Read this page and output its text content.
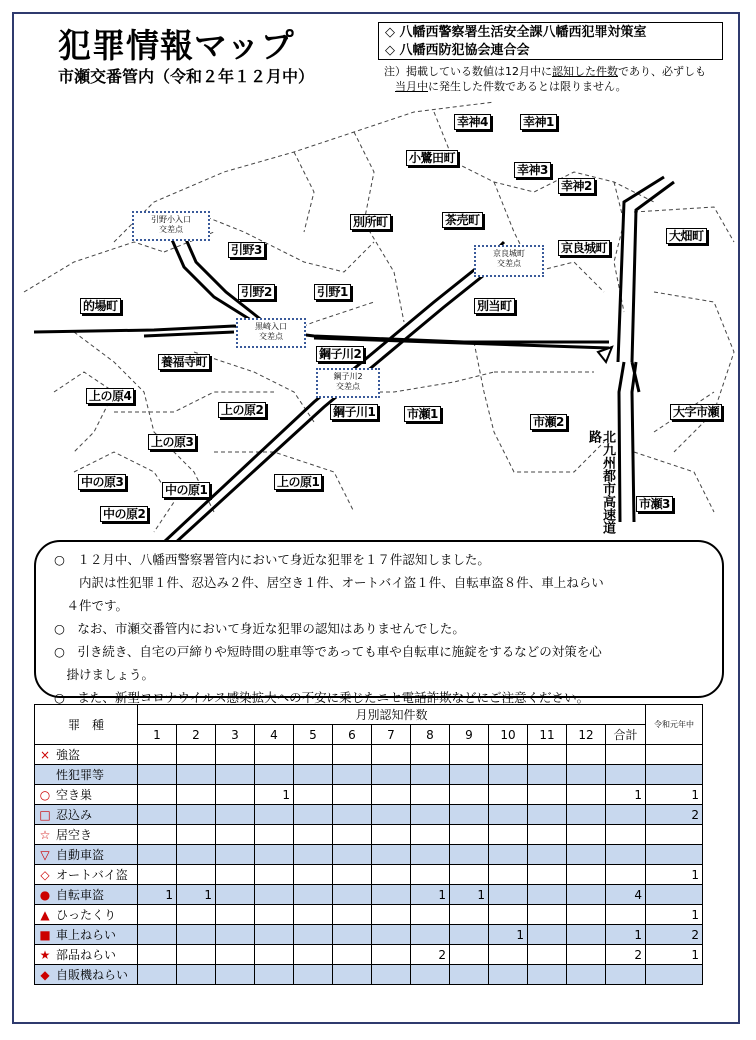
犯罪情報マップ
市瀬交番管内（令和２年１２月中）
◇ 八幡西警察署生活安全課八幡西犯罪対策室
◇ 八幡西防犯協会連合会
注）掲載している数値は12月中に認知した件数であり、必ずしも
　当月中に発生した件数であるとは限りません。
幸神4	幸神1
小鷺田町
幸神3
幸神2
別所町	茶売町
京良城町
大畑町
引野3
引野2	引野1
的場町	別当町
養福寺町
鋼子川2
上の原4
上の原2	鋼子川1	市瀬1
市瀬2
大字市瀬
上の原3
中の原3
中の原1
上の原1
市瀬3
中の原2
引野小入口
交差点
京良城町
交差点
黒崎入口
交差点
鋼子川2
交差点
北九州都市高速道路

○　１２月中、八幡西警察署管内において身近な犯罪を１７件認知しました。

　　内訳は性犯罪１件、忍込み２件、居空き１件、オートバイ盗１件、自転車盗８件、車上ねらい

　４件です。

○　なお、市瀬交番管内において身近な犯罪の認知はありませんでした。

○　引き続き、自宅の戸締りや短時間の駐車等であっても車や自転車に施錠をするなどの対策を心

　掛けましょう。

○　また、新型コロナウイルス感染拡大への不安に乗じたニセ電話詐欺などにご注意ください。

罪　種	月別認知件数													令和元年中
	1	2	3	4	5	6	7	8	9	10	11	12	合計	
× 強盗														
性犯罪等														
○ 空き巣				1									1	1
□ 忍込み														2
☆ 居空き														
▽ 自動車盗														
◇ オートバイ盗														1
● 自転車盗	1	1						1	1				4	
▲ ひったくり														1
■ 車上ねらい										1			1	2
★ 部品ねらい								2					2	1
◆ 自販機ねらい														
